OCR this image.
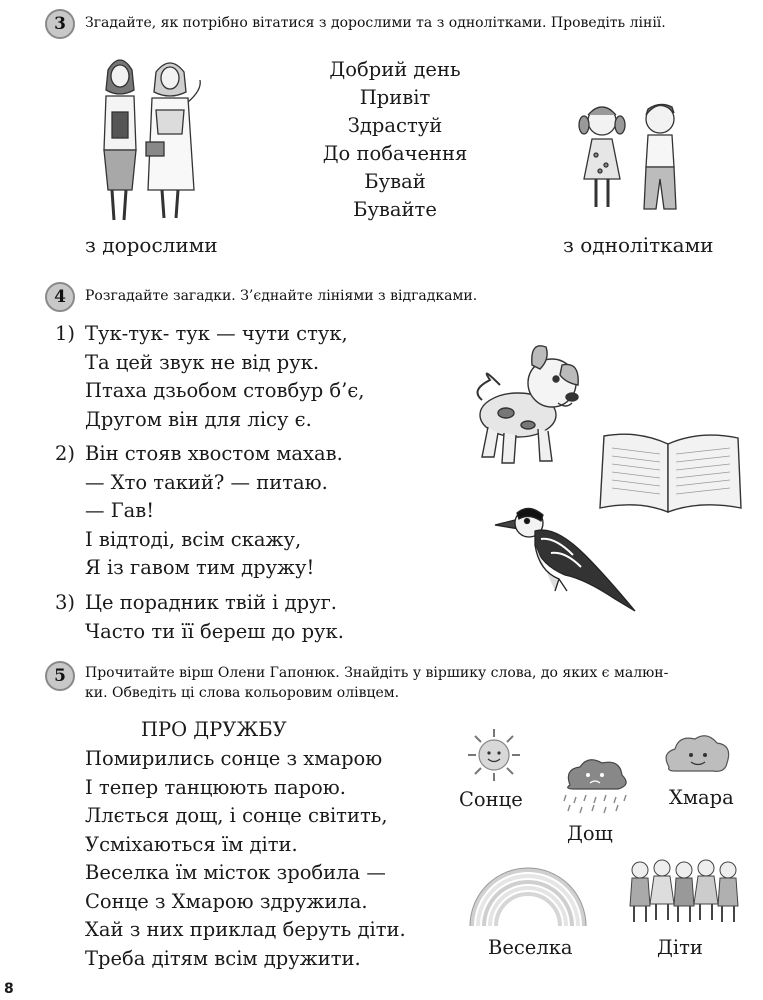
3 Згадайте, як потрібно вітатися з дорослими та з однолітками. Проведіть лінії.
Добрий день
Привіт
Здрастуй
До побачення
Бувай
Бувайте
з дорослими	з однолітками
4 Розгадайте загадки. З’єднайте лініями з відгадками.
1) Тук-тук- тук — чути стук,
Та цей звук не від рук.
Птаха дзьобом стовбур б’є,
Другом він для лісу є.
2) Він стояв хвостом махав.
— Хто такий? — питаю.
— Гав!
І відтоді, всім скажу,
Я із гавом тим дружу!
3) Це порадник твій і друг.
Часто ти її береш до рук.
5 Прочитайте вірш Олени Гапонюк. Знайдіть у віршику слова, до яких є малюн-
ки. Обведіть ці слова кольоровим олівцем.
ПРО ДРУЖБУ
Помирились сонце з хмарою
І тепер танцюють парою.
Ллється дощ, і сонце світить,
Усміхаються їм діти.
Веселка їм місток зробила —
Сонце з Хмарою здружила.
Хай з них приклад беруть діти.
Треба дітям всім дружити.
Сонце
Дощ
Хмара
Веселка	Діти
8
